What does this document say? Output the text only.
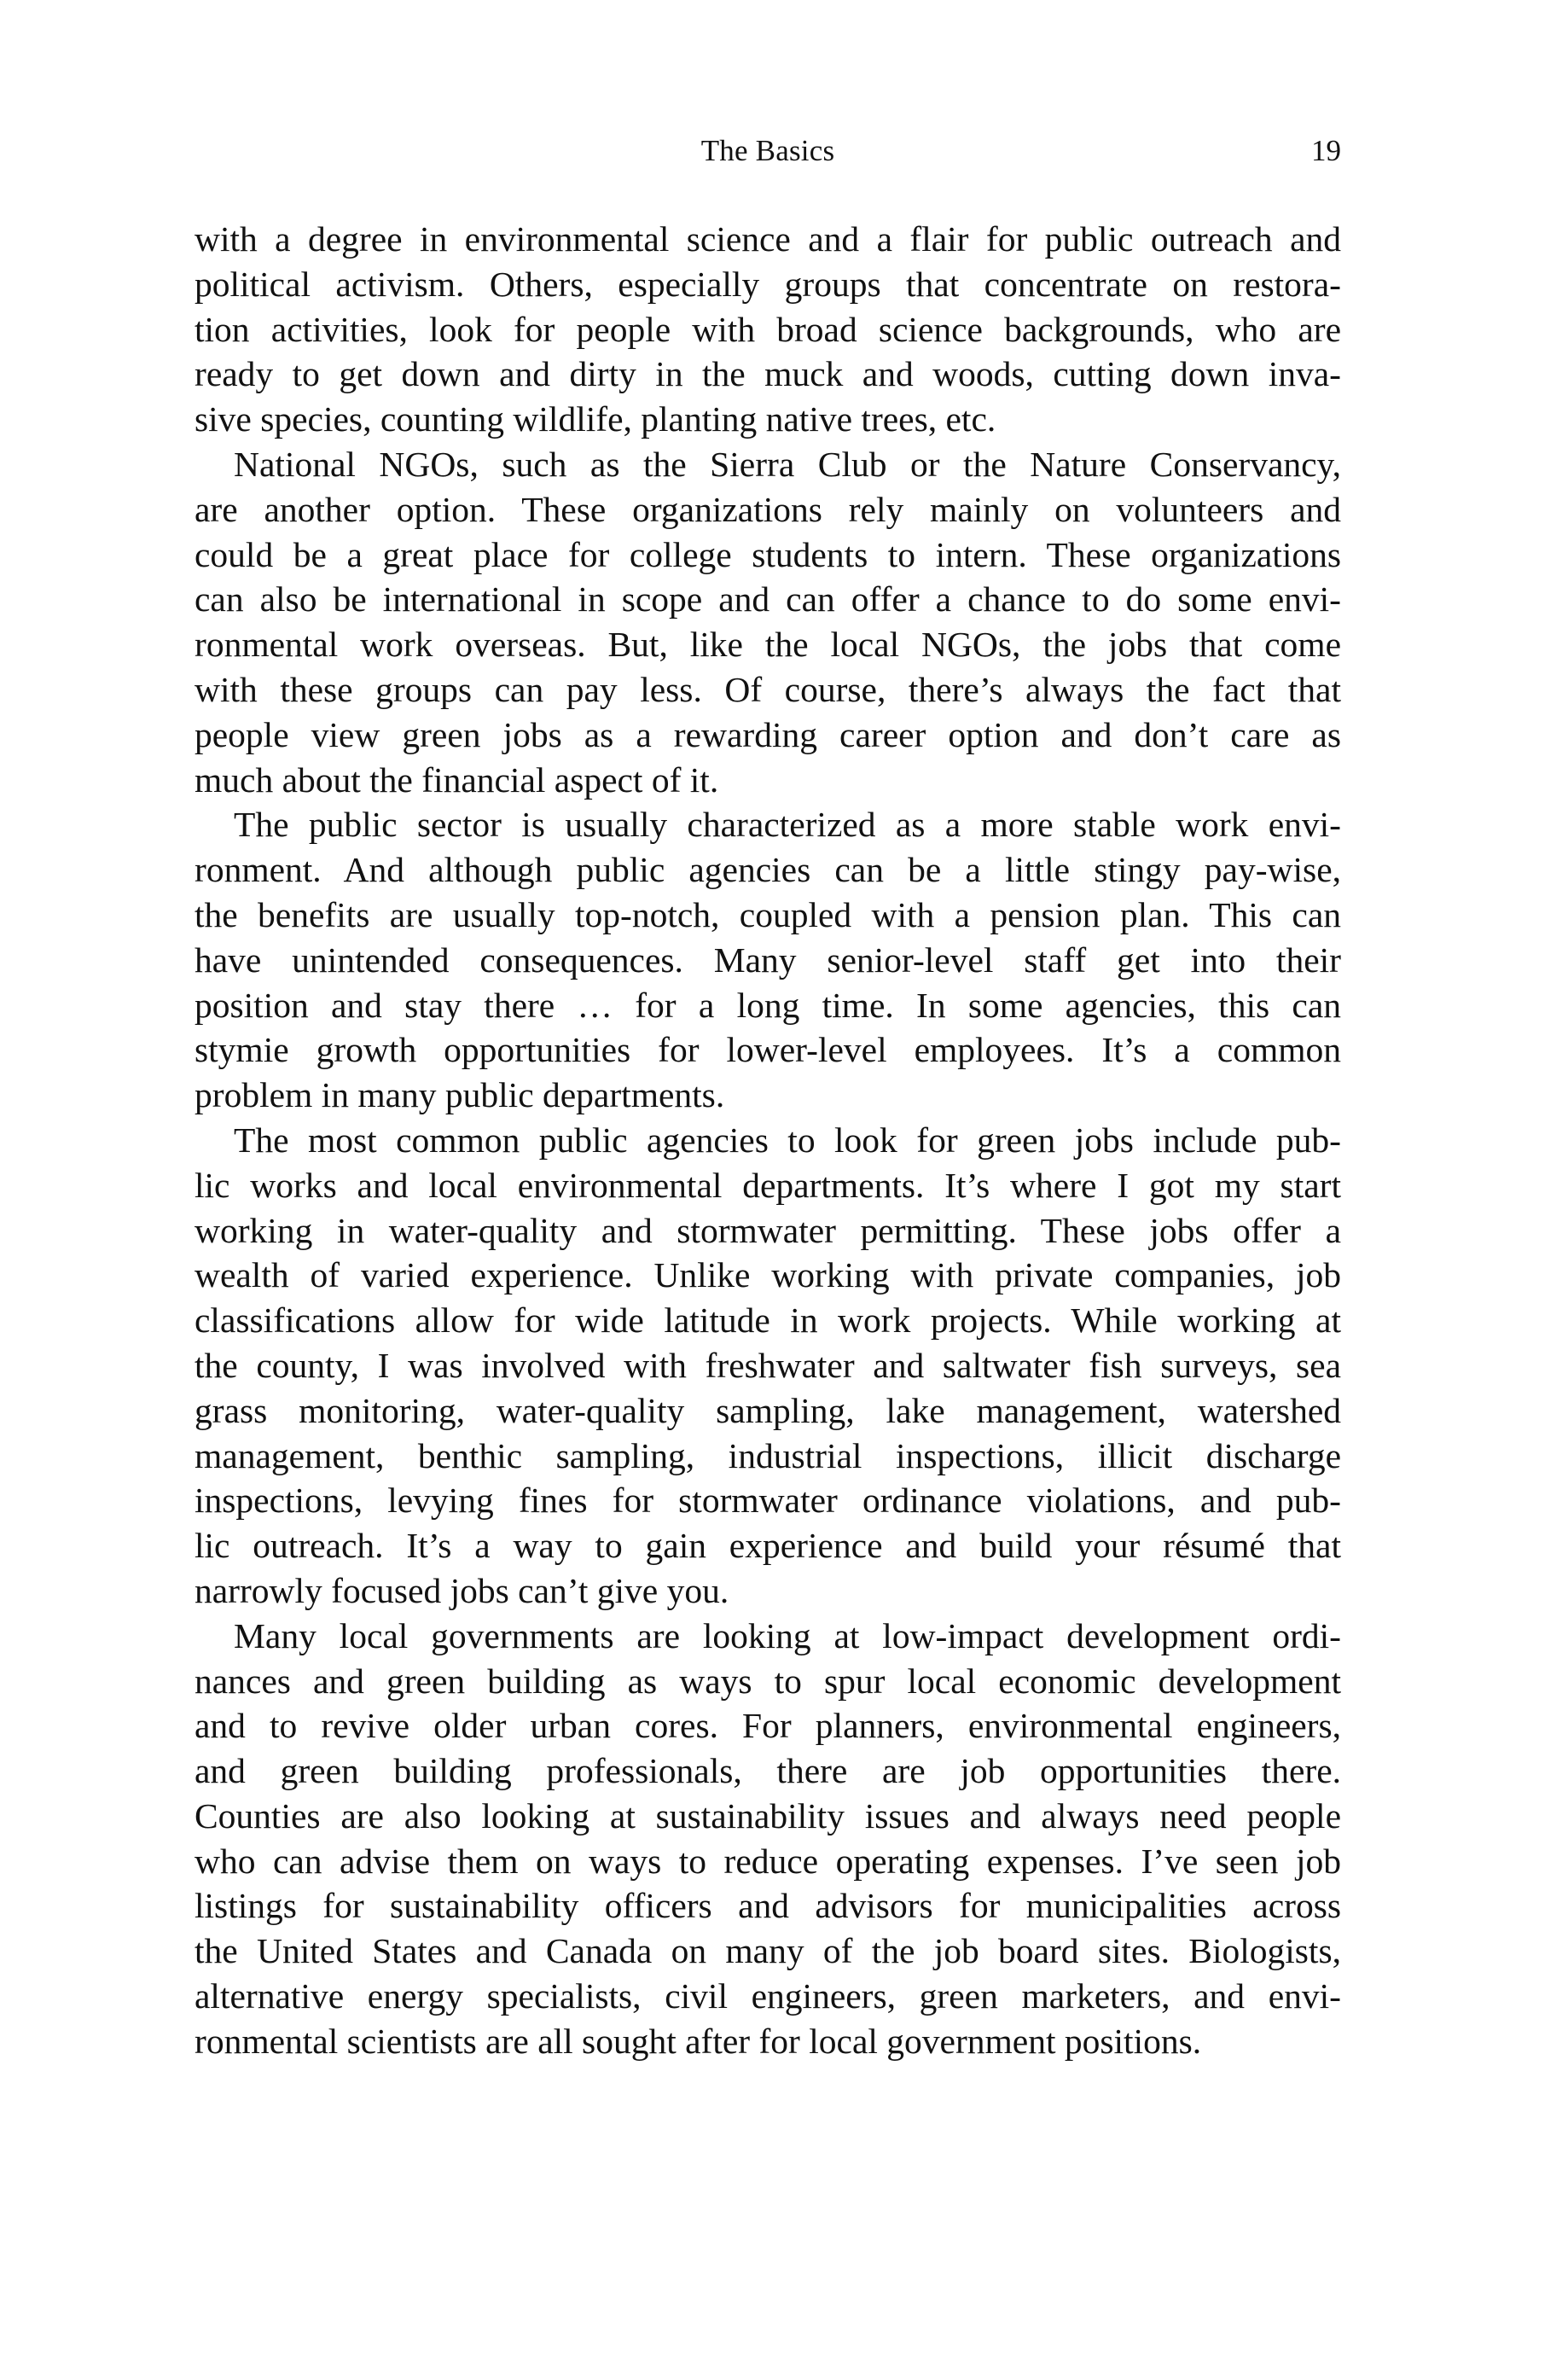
The Basics	19
with a degree in environmental science and a flair for public outreach and
political activism. Others, especially groups that concentrate on restora-
tion activities, look for people with broad science backgrounds, who are
ready to get down and dirty in the muck and woods, cutting down inva-
sive species, counting wildlife, planting native trees, etc.
National NGOs, such as the Sierra Club or the Nature Conservancy,
are another option. These organizations rely mainly on volunteers and
could be a great place for college students to intern. These organizations
can also be international in scope and can offer a chance to do some envi-
ronmental work overseas. But, like the local NGOs, the jobs that come
with these groups can pay less. Of course, there’s always the fact that
people view green jobs as a rewarding career option and don’t care as
much about the financial aspect of it.
The public sector is usually characterized as a more stable work envi-
ronment. And although public agencies can be a little stingy pay-wise,
the benefits are usually top-notch, coupled with a pension plan. This can
have unintended consequences. Many senior-level staff get into their
position and stay there … for a long time. In some agencies, this can
stymie growth opportunities for lower-level employees. It’s a common
problem in many public departments.
The most common public agencies to look for green jobs include pub-
lic works and local environmental departments. It’s where I got my start
working in water-quality and stormwater permitting. These jobs offer a
wealth of varied experience. Unlike working with private companies, job
classifications allow for wide latitude in work projects. While working at
the county, I was involved with freshwater and saltwater fish surveys, sea
grass monitoring, water-quality sampling, lake management, watershed
management, benthic sampling, industrial inspections, illicit discharge
inspections, levying fines for stormwater ordinance violations, and pub-
lic outreach. It’s a way to gain experience and build your résumé that
narrowly focused jobs can’t give you.
Many local governments are looking at low-impact development ordi-
nances and green building as ways to spur local economic development
and to revive older urban cores. For planners, environmental engineers,
and green building professionals, there are job opportunities there.
Counties are also looking at sustainability issues and always need people
who can advise them on ways to reduce operating expenses. I’ve seen job
listings for sustainability officers and advisors for municipalities across
the United States and Canada on many of the job board sites. Biologists,
alternative energy specialists, civil engineers, green marketers, and envi-
ronmental scientists are all sought after for local government positions.
